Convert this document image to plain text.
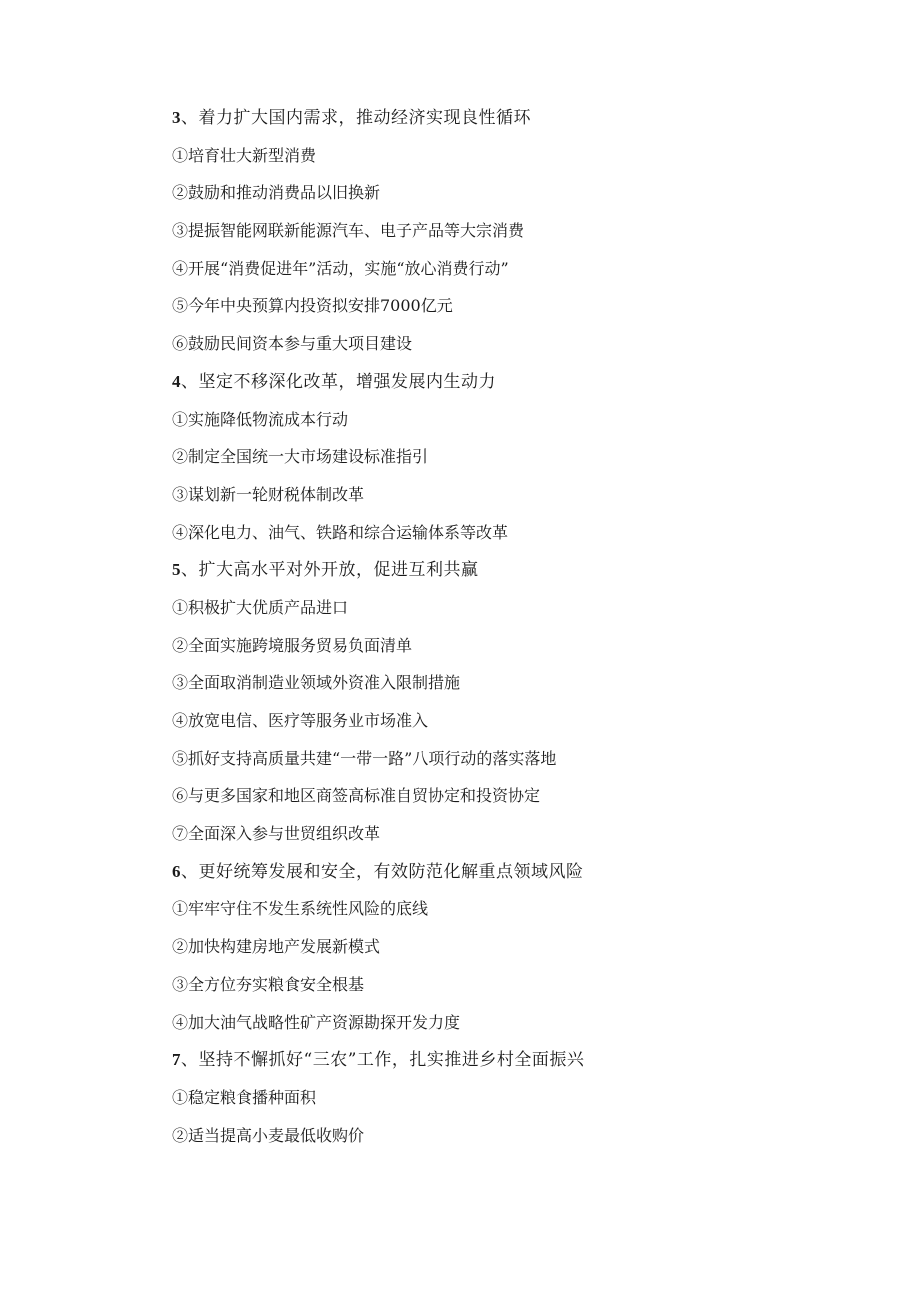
3、着力扩大国内需求，推动经济实现良性循环
①培育壮大新型消费
②鼓励和推动消费品以旧换新
③提振智能网联新能源汽车、电子产品等大宗消费
④开展“消费促进年”活动，实施“放心消费行动”
⑤今年中央预算内投资拟安排7000亿元
⑥鼓励民间资本参与重大项目建设
4、坚定不移深化改革，增强发展内生动力
①实施降低物流成本行动
②制定全国统一大市场建设标准指引
③谋划新一轮财税体制改革
④深化电力、油气、铁路和综合运输体系等改革
5、扩大高水平对外开放，促进互利共赢
①积极扩大优质产品进口
②全面实施跨境服务贸易负面清单
③全面取消制造业领域外资准入限制措施
④放宽电信、医疗等服务业市场准入
⑤抓好支持高质量共建“一带一路”八项行动的落实落地
⑥与更多国家和地区商签高标准自贸协定和投资协定
⑦全面深入参与世贸组织改革
6、更好统筹发展和安全，有效防范化解重点领域风险
①牢牢守住不发生系统性风险的底线
②加快构建房地产发展新模式
③全方位夯实粮食安全根基
④加大油气战略性矿产资源勘探开发力度
7、坚持不懈抓好“三农”工作，扎实推进乡村全面振兴
①稳定粮食播种面积
②适当提高小麦最低收购价
